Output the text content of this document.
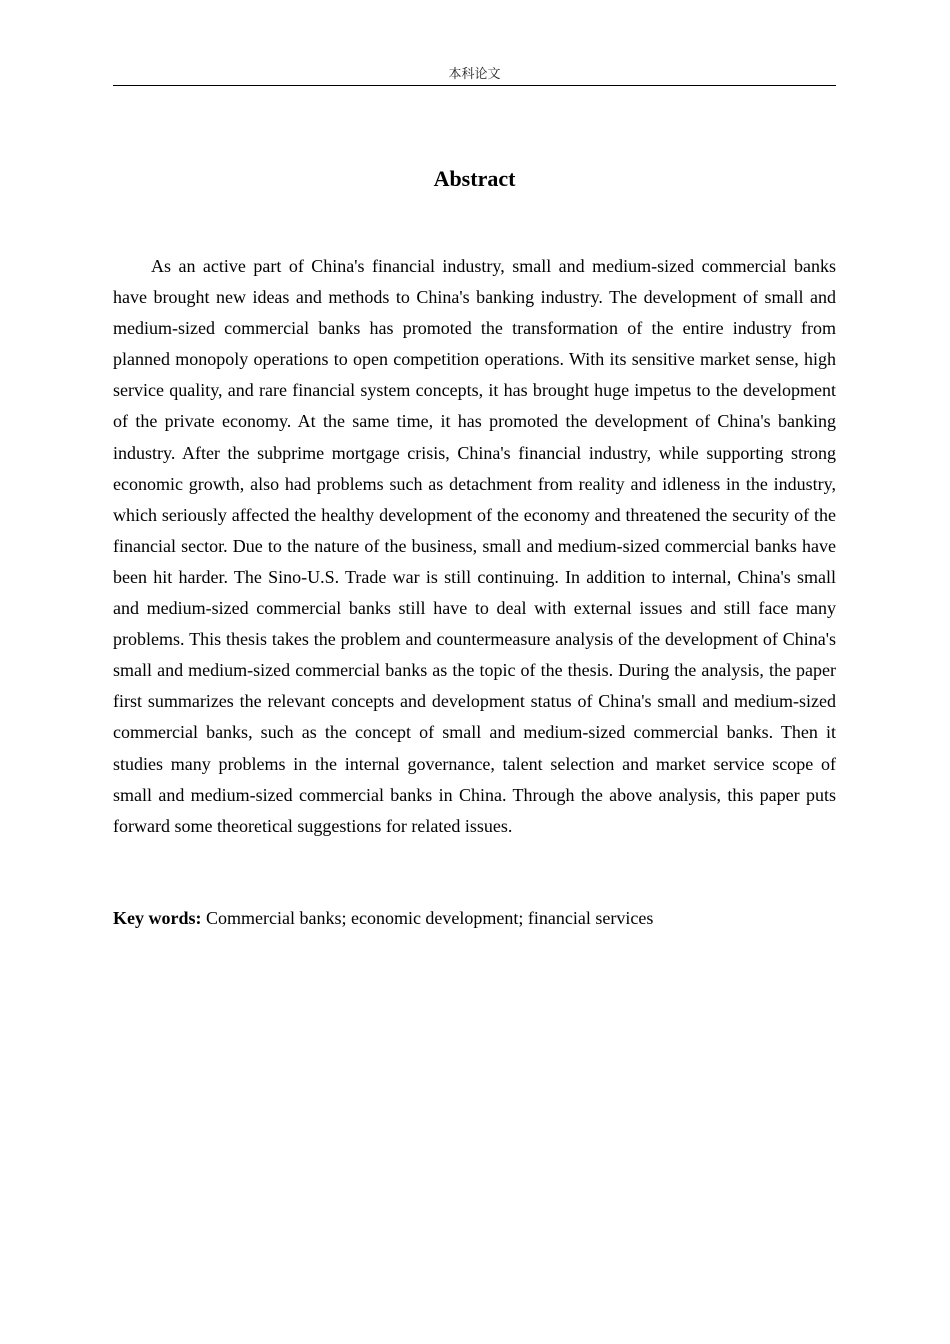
本科论文
Abstract

As an active part of China's financial industry, small and medium-sized commercial banks have brought new ideas and methods to China's banking industry. The development of small and medium-sized commercial banks has promoted the transformation of the entire industry from planned monopoly operations to open competition operations. With its sensitive market sense, high service quality, and rare financial system concepts, it has brought huge impetus to the development of the private economy. At the same time, it has promoted the development of China's banking industry. After the subprime mortgage crisis, China's financial industry, while supporting strong economic growth, also had problems such as detachment from reality and idleness in the industry, which seriously affected the healthy development of the economy and threatened the security of the financial sector. Due to the nature of the business, small and medium-sized commercial banks have been hit harder. The Sino-U.S. Trade war is still continuing. In addition to internal, China's small and medium-sized commercial banks still have to deal with external issues and still face many problems. This thesis takes the problem and countermeasure analysis of the development of China's small and medium-sized commercial banks as the topic of the thesis. During the analysis, the paper first summarizes the relevant concepts and development status of China's small and medium-sized commercial banks, such as the concept of small and medium-sized commercial banks. Then it studies many problems in the internal governance, talent selection and market service scope of small and medium-sized commercial banks in China. Through the above analysis, this paper puts forward some theoretical suggestions for related issues.

Key words: Commercial banks; economic development; financial services
